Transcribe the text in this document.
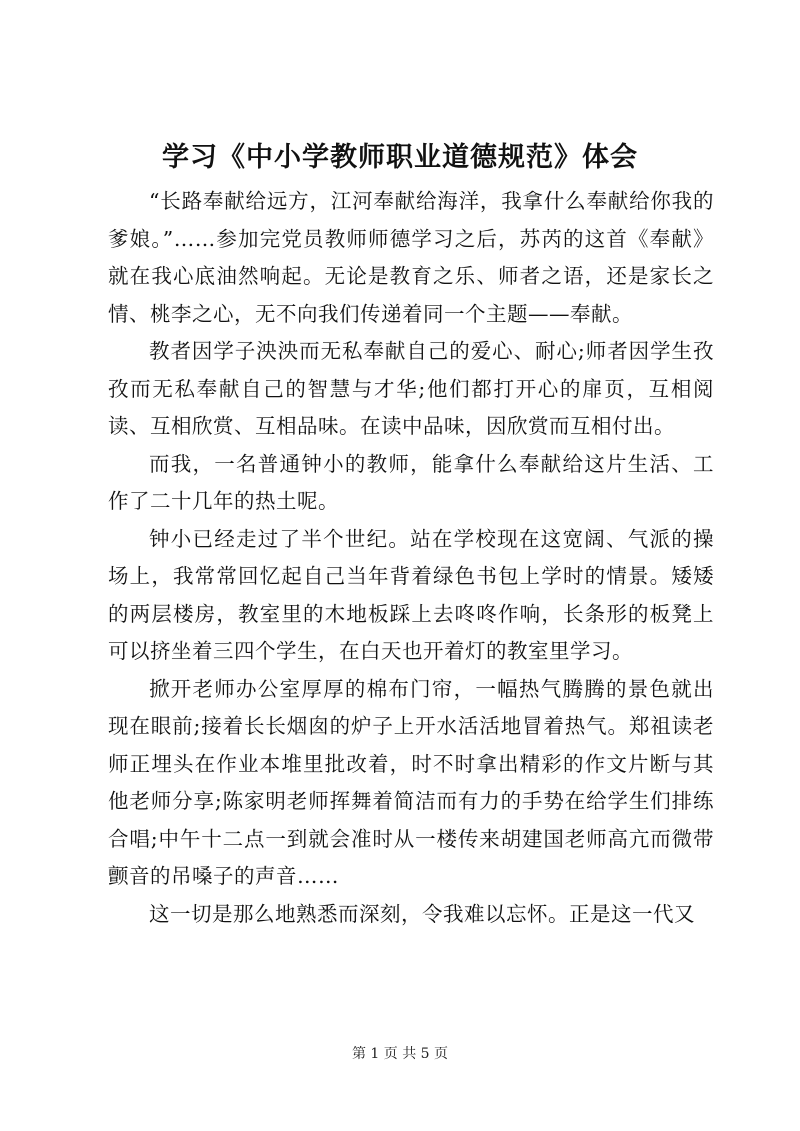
学习《中小学教师职业道德规范》体会

“长路奉献给远方，江河奉献给海洋，我拿什么奉献给你我的爹娘。”……参加完党员教师师德学习之后，苏芮的这首《奉献》就在我心底油然响起。无论是教育之乐、师者之语，还是家长之情、桃李之心，无不向我们传递着同一个主题——奉献。

教者因学子泱泱而无私奉献自己的爱心、耐心;师者因学生孜孜而无私奉献自己的智慧与才华;他们都打开心的扉页，互相阅读、互相欣赏、互相品味。在读中品味，因欣赏而互相付出。

而我，一名普通钟小的教师，能拿什么奉献给这片生活、工作了二十几年的热土呢。

钟小已经走过了半个世纪。站在学校现在这宽阔、气派的操场上，我常常回忆起自己当年背着绿色书包上学时的情景。矮矮的两层楼房，教室里的木地板踩上去咚咚作响，长条形的板凳上可以挤坐着三四个学生，在白天也开着灯的教室里学习。

掀开老师办公室厚厚的棉布门帘，一幅热气腾腾的景色就出现在眼前;接着长长烟囱的炉子上开水活活地冒着热气。郑祖读老师正埋头在作业本堆里批改着，时不时拿出精彩的作文片断与其他老师分享;陈家明老师挥舞着简洁而有力的手势在给学生们排练合唱;中午十二点一到就会准时从一楼传来胡建国老师高亢而微带颤音的吊嗓子的声音……

这一切是那么地熟悉而深刻，令我难以忘怀。正是这一代又

第 1 页 共 5 页
